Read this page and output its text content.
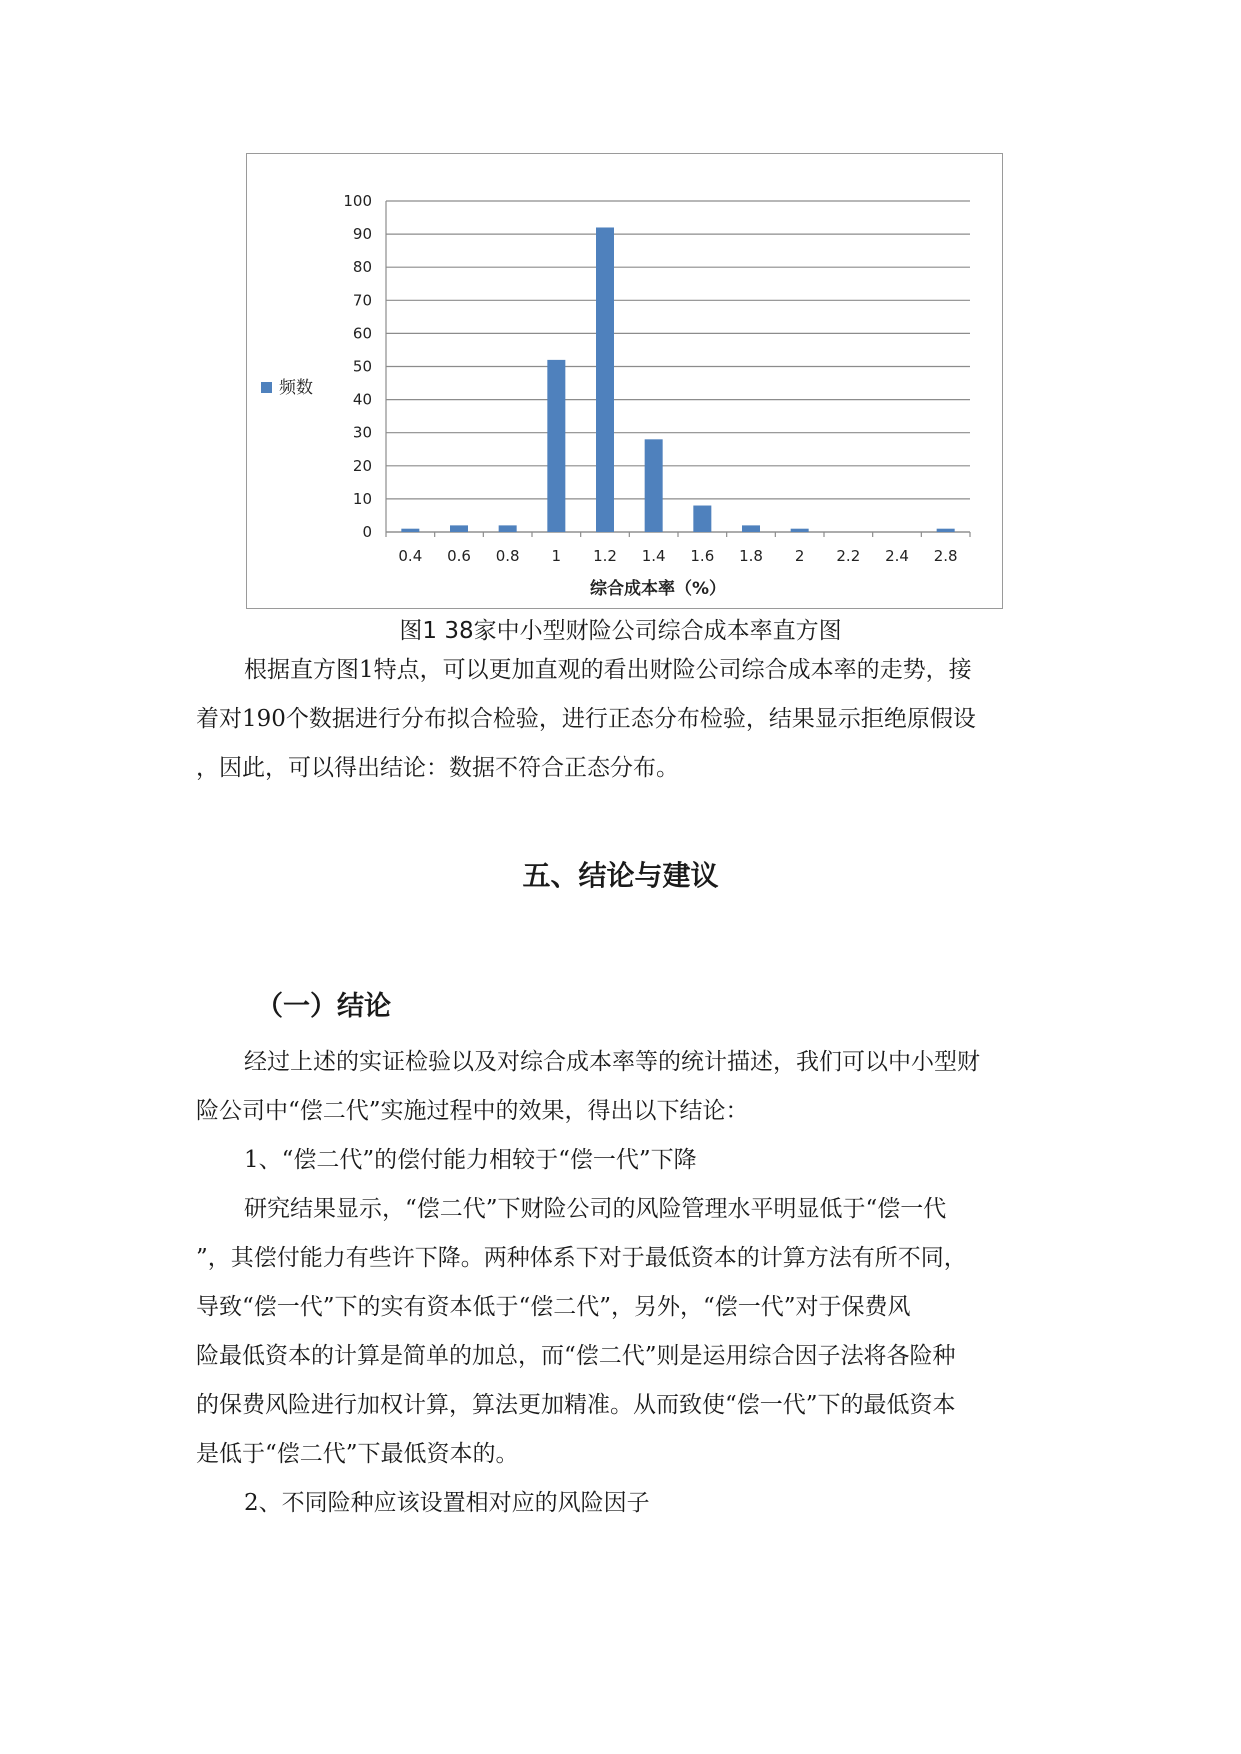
0
10
20
30
40
50
60
70
80
90
100
0.4 0.6 0.8 1 1.2 1.4 1.6 1.8 2 2.2 2.4 2.8
综合成本率（%）
频数
图1 38家中小型财险公司综合成本率直方图
根据直方图1特点，可以更加直观的看出财险公司综合成本率的走势，接
着对190个数据进行分布拟合检验，进行正态分布检验，结果显示拒绝原假设
，因此，可以得出结论：数据不符合正态分布。
五、结论与建议
（一）结论
经过上述的实证检验以及对综合成本率等的统计描述，我们可以中小型财
险公司中“偿二代”实施过程中的效果，得出以下结论：
1、“偿二代”的偿付能力相较于“偿一代”下降
研究结果显示，“偿二代”下财险公司的风险管理水平明显低于“偿一代
”，其偿付能力有些许下降。两种体系下对于最低资本的计算方法有所不同，
导致“偿一代”下的实有资本低于“偿二代”，另外，“偿一代”对于保费风
险最低资本的计算是简单的加总，而“偿二代”则是运用综合因子法将各险种
的保费风险进行加权计算，算法更加精准。从而致使“偿一代”下的最低资本
是低于“偿二代”下最低资本的。
2、不同险种应该设置相对应的风险因子
